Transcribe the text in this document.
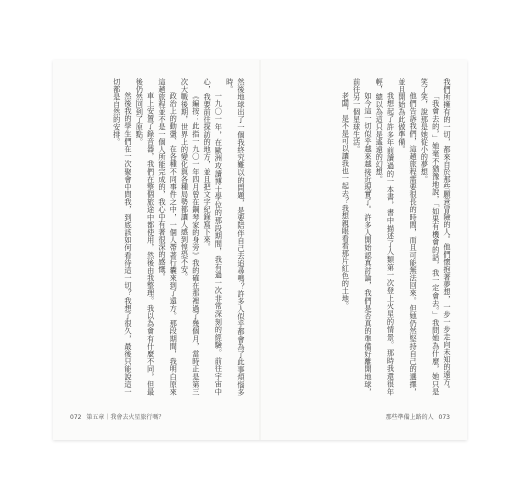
然後地球出了一個我終究難以的問題，是要陪伴自己去追尋嗎？許多人似乎都會為了此事煩惱多時。

一九〇一年，在歐洲攻讀博士學位的那段期間，我有過一次非常深刻的經驗。前往宇宙中心，我要前往探訪的地方，並且把文字紀錄寫下來。

《編按：此指一九〇一年四月曾在鋼琴家的身旁》我的確在那裡過了幾個月，當時正是第三次大戰後期，世界上的變化與各種局勢都讓人感到惶恐不安。

政治上的動盪、在各種不同事件之中，一個人帶著行囊來到了遠方。那段期間，我明白原來這趟旅程並不是一個人所能完成的，我心中有著很深的感慨。

車上安置了錄音器，我們在整個旅途中都使用，然後由我整理。我以為會有什麼不同，但最後仍然回到了原點。

然後我的學生們在一次聚會中問我，到底該如何看待這一切？我想了很久，最後只能說這一切都是自然的安排。	我們所擁有的一切，都來自於那些願意冒險的人。他們懷抱著夢想，一步一步走向未知的遠方。

「我會去的，」她毫不猶豫地說，「如果有機會的話，我一定會去。」我問她為什麼，她只是笑了笑，說那是她從小的夢想。

他們告訴我們，這趟旅程需要很長的時間，而且可能無法回來。但她仍然堅持自己的選擇，並且開始為此做準備。

我想起了許多年前讀過的一本書，書中描述了人類第一次登上火星的情景。那時我還很年輕，總以為這只是遙遠的幻想。

如今這一切似乎越來越接近現實了。許多人開始認真討論，我們是否真的準備好離開地球，前往另一個星球生活。

老闆，是不是可以讓我也一起去？我想親眼看看那片紅色的土地。

072 第五章｜我會去火星旅行嗎？	那些準備上路的人 073
